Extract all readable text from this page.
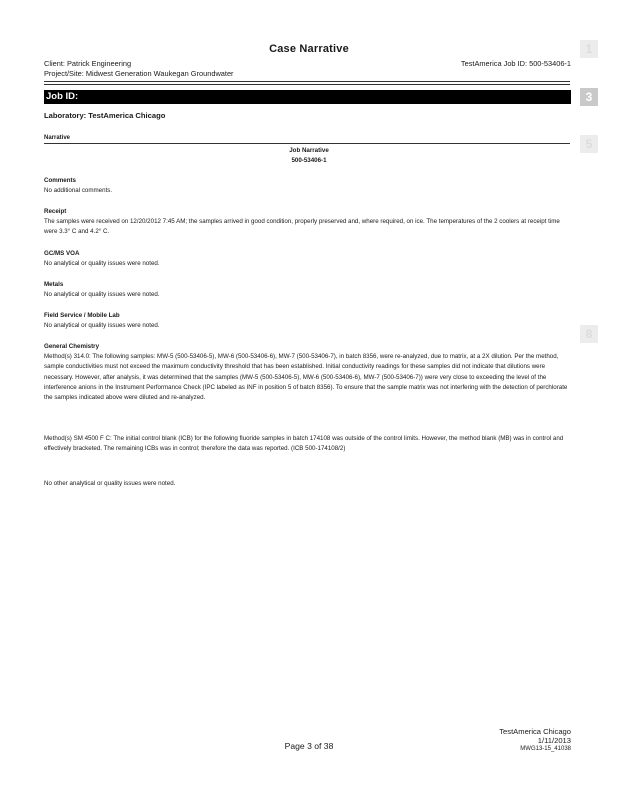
Case Narrative
Client: Patrick Engineering
Project/Site: Midwest Generation Waukegan Groundwater
TestAmerica Job ID: 500-53406-1
Job ID:
Laboratory: TestAmerica Chicago
Narrative
Job Narrative
500-53406-1
Comments
No additional comments.
Receipt
The samples were received on 12/20/2012 7:45 AM; the samples arrived in good condition, properly preserved and, where required, on ice. The temperatures of the 2 coolers at receipt time were 3.3° C and 4.2° C.
GC/MS VOA
No analytical or quality issues were noted.
Metals
No analytical or quality issues were noted.
Field Service / Mobile Lab
No analytical or quality issues were noted.
General Chemistry
Method(s) 314.0: The following samples: MW-5 (500-53406-5), MW-6 (500-53406-6), MW-7 (500-53406-7), in batch 8356, were re-analyzed, due to matrix, at a 2X dilution. Per the method, sample conductivities must not exceed the maximum conductivity threshold that has been established. Initial conductivity readings for these samples did not indicate that dilutions were necessary. However, after analysis, it was determined that the samples (MW-5 (500-53406-5), MW-6 (500-53406-6), MW-7 (500-53406-7)) were very close to exceeding the level of the interference anions in the Instrument Performance Check (IPC labeled as INF in position 5 of batch 8356). To ensure that the sample matrix was not interfering with the detection of perchlorate the samples indicated above were diluted and re-analyzed.
Method(s) SM 4500 F C: The initial control blank (ICB) for the following fluoride samples in batch 174108 was outside of the control limits. However, the method blank (MB) was in control and effectively bracketed. The remaining ICBs was in control; therefore the data was reported. (ICB 500-174108/2)
No other analytical or quality issues were noted.
Page 3 of 38
TestAmerica Chicago
1/11/2013
MWG13-15_41038
1
3
5
8
